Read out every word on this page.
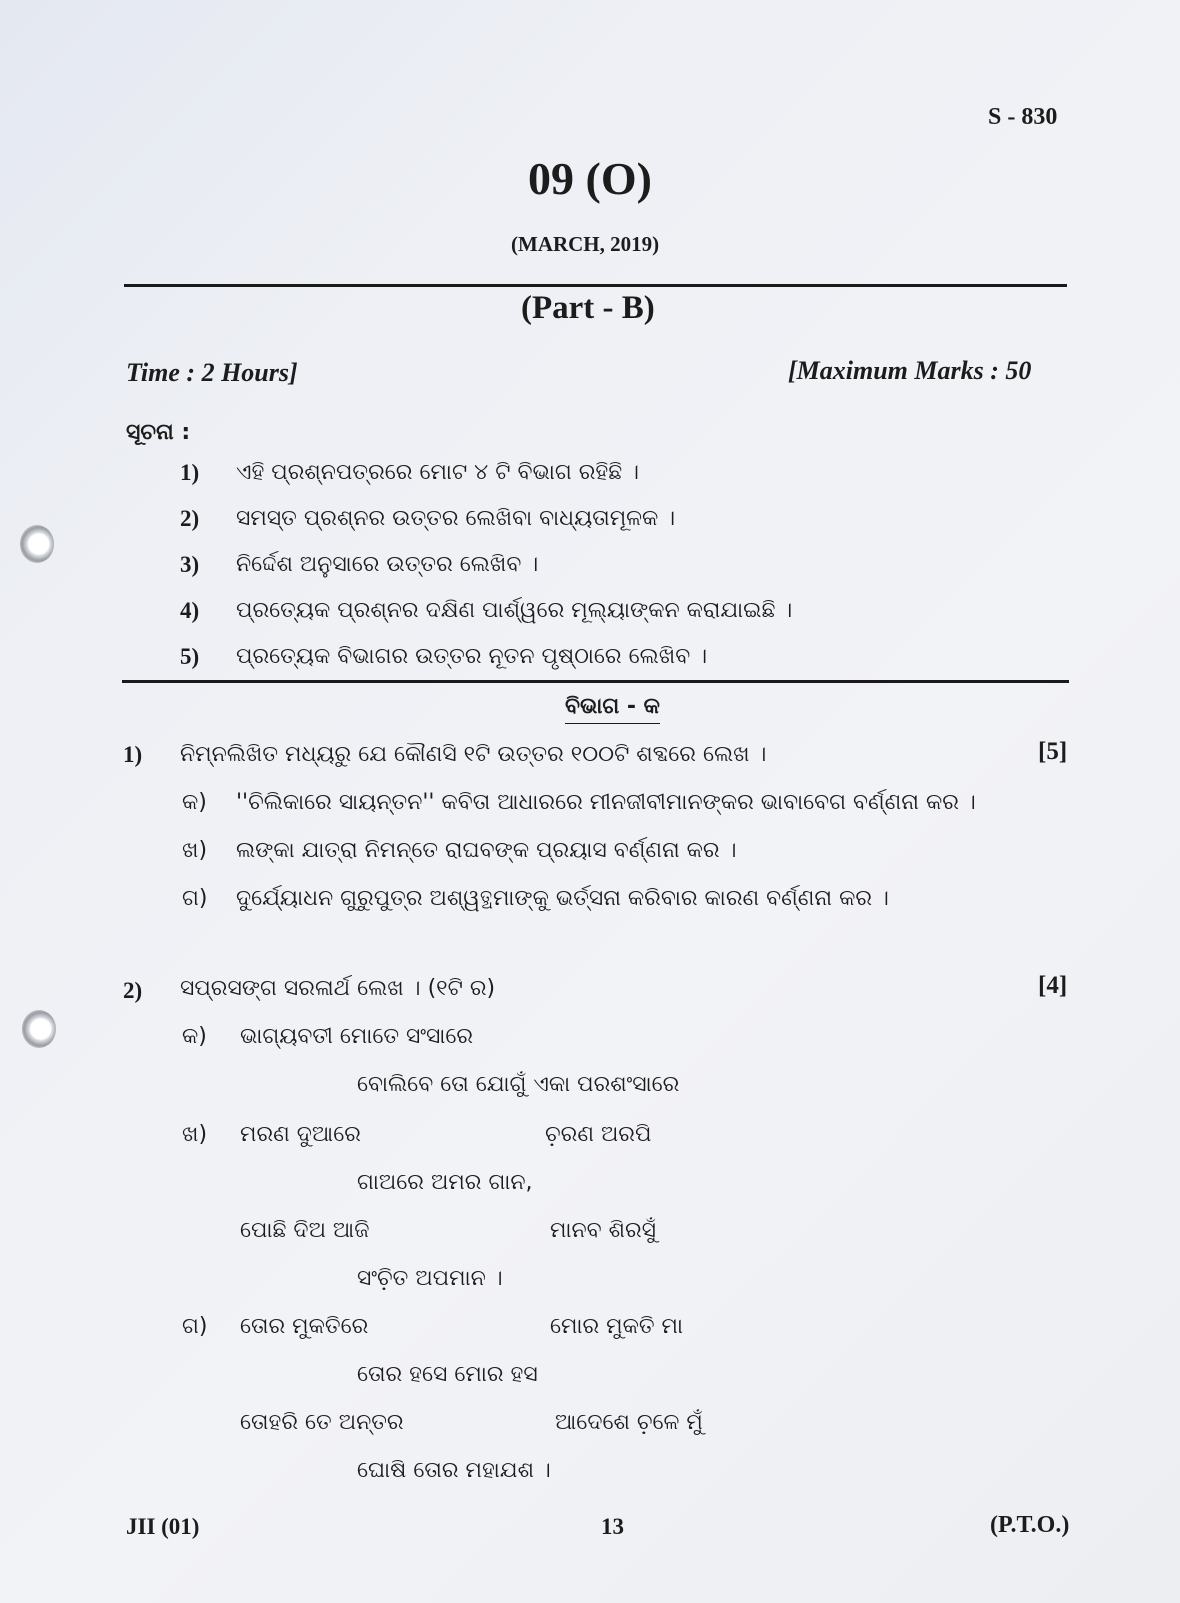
S - 830
09 (O)
(MARCH, 2019)
(Part - B)
Time : 2 Hours]	[Maximum Marks : 50
ସୂଚନା :
1) ଏହି ପ୍ରଶ୍ନପତ୍ରରେ ମୋଟ ୪ ଟି ବିଭାଗ ରହିଛି ।
2) ସମସ୍ତ ପ୍ରଶ୍ନର ଉତ୍ତର ଲେଖିବା ବାଧ୍ୟତାମୂଳକ ।
3) ନିର୍ଦ୍ଦେଶ ଅନୁସାରେ ଉତ୍ତର ଲେଖିବ ।
4) ପ୍ରତ୍ୟେକ ପ୍ରଶ୍ନର ଦକ୍ଷିଣ ପାର୍ଶ୍ୱରେ ମୂଲ୍ୟାଙ୍କନ କରାଯାଇଛି ।
5) ପ୍ରତ୍ୟେକ ବିଭାଗର ଉତ୍ତର ନୂତନ ପୃଷ୍ଠାରେ ଲେଖିବ ।
ବିଭାଗ - କ
1) ନିମ୍ନଲିଖିତ ମଧ୍ୟରୁ ଯେ କୌଣସି ୧ଟି ଉତ୍ତର ୧୦୦ଟି ଶବ୍ଦରେ ଲେଖ ।	[5]
କ) ''ଚିଲିକାରେ ସାୟନ୍ତନ'' କବିତା ଆଧାରରେ ମୀନଜୀବୀମାନଙ୍କର ଭାବାବେଗ ବର୍ଣ୍ଣନା କର ।
ଖ) ଲଙ୍କା ଯାତ୍ରା ନିମନ୍ତେ ରାଘବଙ୍କ ପ୍ରୟାସ ବର୍ଣ୍ଣନା କର ।
ଗ) ଦୁର୍ଯ୍ୟୋଧନ ଗୁରୁପୁତ୍ର ଅଶ୍ୱତ୍ଥମାଙ୍କୁ ଭର୍ତ୍ସନା କରିବାର କାରଣ ବର୍ଣ୍ଣନା କର ।
2) ସପ୍ରସଙ୍ଗ ସରଳାର୍ଥ ଲେଖ । (୧ଟି ର)	[4]
କ) ଭାଗ୍ୟବତୀ ମୋତେ ସଂସାରେ
ବୋଲିବେ ତୋ ଯୋଗୁଁ ଏକା ପରଶଂସାରେ
ଖ) ମରଣ ଦୁଆରେ	ଚ଼ରଣ ଅରପି
ଗାଅରେ ଅମର ଗାନ,
ପୋଛି ଦିଅ ଆଜି	ମାନବ ଶିରସୁଁ
ସଂଚ଼ିତ ଅପମାନ ।
ଗ) ତୋର ମୁକତିରେ	ମୋର ମୁକତି ମା
ତୋର ହସେ ମୋର ହସ
ତୋହରି ତେ ଅନ୍ତର	ଆଦେଶେ ଚ଼ଳେ ମୁଁ
ଘୋଷି ତୋର ମହାଯଶ ।
JII (01)	13	(P.T.O.)
